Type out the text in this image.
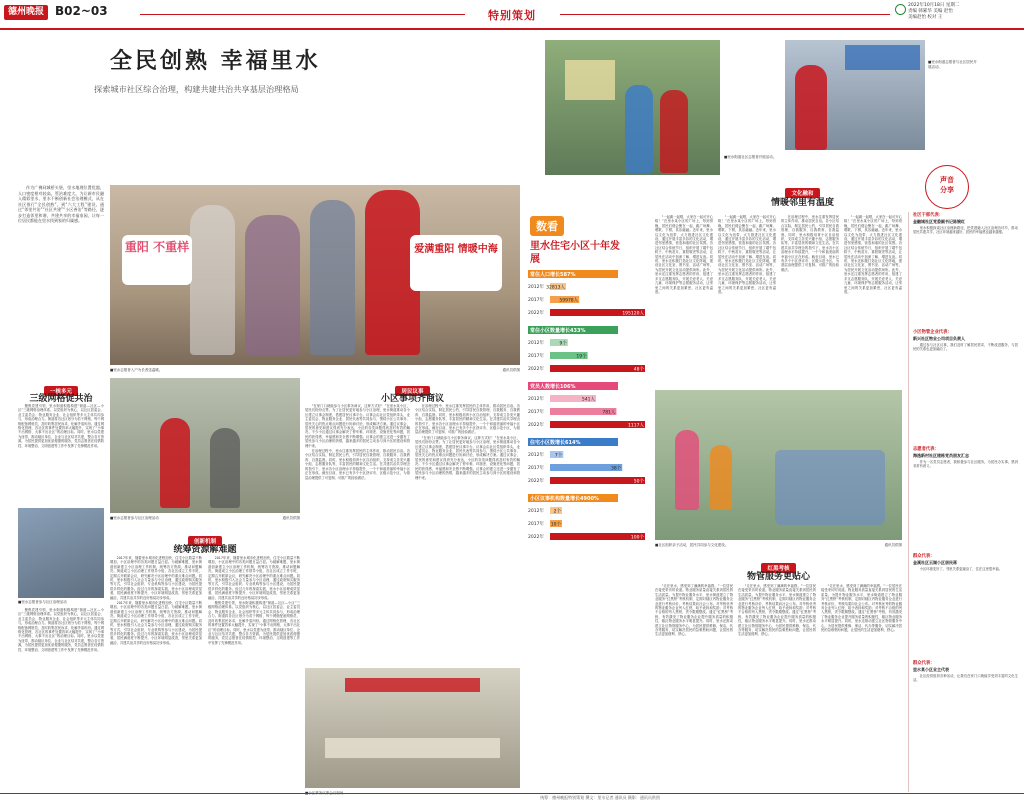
德州晚报 B02~03	特别策划
2022年10月18日 星期二
责编 韩累华 美编 赵怡
美编赵怡 校对 王
全民创熟 幸福里水
探索城市社区综合治理，构建共建共治共享基层治理格局
重阳 不重样	爱满重阳 情暖中海
■里水志愿者入户为长者送温暖。	通讯员供图

作为广佛同城桥头堡，里水地理位置优越，人口密度相对较高，管治难度大。为让新市民融入精彩里水，里水不断创新社会治理模式，从在社区推行“全民创熟”，到“六大工程”建设，通过“邻里共治”“社区共建”“小区善治”等路径，逐步打造邻里和谐、共建共享的幸福家园，让每一位居民都能在里水找到家的归属感。

一核多元
三级网格促共治

聚焦党建引领，里水街道积极构建“街道—社区—小区”三级网格治理体系。以党组织为核心，以社区居委会、业主委员会、物业服务企业、社会组织等多元主体共同参与，形成治理合力。街道将各社区划分为若干网格，每个网格配备网格员，及时收集居民诉求，化解矛盾纠纷。通过网格化管理，各社区的事件处置效率大幅提升，实现了“小事不出网格、大事不出社区”的治理目标。同时，里水以党建为纽带，推动辖区单位、企业与社区结对共建，整合各方资源，为居民提供更加优质便捷的服务，党员志愿者在疫情防控、环境整治、文明创建等工作中发挥了先锋模范作用。

■里水志愿者参与社区治理活动

聚焦党建引领，里水街道积极构建“街道—社区—小区”三级网格治理体系。以党组织为核心，以社区居委会、业主委员会、物业服务企业、社会组织等多元主体共同参与，形成治理合力。街道将各社区划分为若干网格，每个网格配备网格员，及时收集居民诉求，化解矛盾纠纷。通过网格化管理，各社区的事件处置效率大幅提升，实现了“小事不出网格、大事不出社区”的治理目标。同时，里水以党建为纽带，推动辖区单位、企业与社区结对共建，整合各方资源，为居民提供更加优质便捷的服务，党员志愿者在疫情防控、环境整治、文明创建等工作中发挥了先锋模范作用。

■里水志愿者参与社区治理活动	通讯员供图
创新机制
统筹资源解难题

2017年来，随着里水城市化进程加快，住宅小区数量不断增加，小区治理中的各类问题日益凸显。为破解难题，里水街道创新建立小区治理工作机制，统筹各方资源，推动问题解决。街道成立小区治理工作领导小组，各社区成立工作专班，定期召开联席会议，研究解决小区治理中的重点难点问题。同时，里水积极引入社会力量参与小区治理，通过政府购买服务等方式，引导社会组织、专业机构等参与小区建设，为居民提供多样化的服务。经过几年的探索实践，里水小区治理成效显著，居民满意度不断提升，小区环境明显改善，邻里关系更加融洽，共建共治共享的良好格局初步形成。

2017年来，随着里水城市化进程加快，住宅小区数量不断增加，小区治理中的各类问题日益凸显。为破解难题，里水街道创新建立小区治理工作机制，统筹各方资源，推动问题解决。街道成立小区治理工作领导小组，各社区成立工作专班，定期召开联席会议，研究解决小区治理中的重点难点问题。同时，里水积极引入社会力量参与小区治理，通过政府购买服务等方式，引导社会组织、专业机构等参与小区建设，为居民提供多样化的服务。经过几年的探索实践，里水小区治理成效显著，居民满意度不断提升，小区环境明显改善，邻里关系更加融洽，共建共治共享的良好格局初步形成。

2017年来，随着里水城市化进程加快，住宅小区数量不断增加，小区治理中的各类问题日益凸显。为破解难题，里水街道创新建立小区治理工作机制，统筹各方资源，推动问题解决。街道成立小区治理工作领导小组，各社区成立工作专班，定期召开联席会议，研究解决小区治理中的重点难点问题。同时，里水积极引入社会力量参与小区治理，通过政府购买服务等方式，引导社会组织、专业机构等参与小区建设，为居民提供多样化的服务。经过几年的探索实践，里水小区治理成效显著，居民满意度不断提升，小区环境明显改善，邻里关系更加融洽，共建共治共享的良好格局初步形成。

聚焦党建引领，里水街道积极构建“街道—社区—小区”三级网格治理体系。以党组织为核心，以社区居委会、业主委员会、物业服务企业、社会组织等多元主体共同参与，形成治理合力。街道将各社区划分为若干网格，每个网格配备网格员，及时收集居民诉求，化解矛盾纠纷。通过网格化管理，各社区的事件处置效率大幅提升，实现了“小事不出网格、大事不出社区”的治理目标。同时，里水以党建为纽带，推动辖区单位、企业与社区结对共建，整合各方资源，为居民提供更加优质便捷的服务，党员志愿者在疫情防控、环境整治、文明创建等工作中发挥了先锋模范作用。

居民议事
小区事项齐商议

“在家门口就能参与小区事务商议，这种方式好！”在里水某小区，居民们纷纷点赞。为了让居民更好地参与小区治理，里水街道推动各小区建立议事会制度，搭建居民议事平台。议事会由社区党组织牵头，业主委员会、物业服务企业、居民代表等共同参与，围绕小区公共事务、居民关心的热点难点问题进行协商讨论，形成解决方案。通过议事会，居民的意见和建议得到充分表达，小区的各类问题得到及时有效的解决。不少小区通过议事会解决了停车难、环境差、设施老化等问题，居民的获得感、幸福感和安全感不断增强。议事会的建立还进一步激发了居民参与小区治理的热情，越来越多的居民主动参与到小区的建设和管理中来。

在治理过程中，里水注重发挥居民的主体作用，推动居民自治。各小区结合实际，制定居民公约，引导居民自我管理、自我服务、自我教育、自我监督。同时，里水积极培育小区自治组织，支持成立各类兴趣小组、志愿服务队等，丰富居民的精神文化生活。在共建共治共享理念的指引下，里水各小区治理水平持续提升，一个个和谐美丽的幸福小区正在形成。截至目前，里水已有多个小区获评市、区级示范小区，为基层治理提供了可复制、可推广的经验做法。

在治理过程中，里水注重发挥居民的主体作用，推动居民自治。各小区结合实际，制定居民公约，引导居民自我管理、自我服务、自我教育、自我监督。同时，里水积极培育小区自治组织，支持成立各类兴趣小组、志愿服务队等，丰富居民的精神文化生活。在共建共治共享理念的指引下，里水各小区治理水平持续提升，一个个和谐美丽的幸福小区正在形成。截至目前，里水已有多个小区获评市、区级示范小区，为基层治理提供了可复制、可推广的经验做法。

“在家门口就能参与小区事务商议，这种方式好！”在里水某小区，居民们纷纷点赞。为了让居民更好地参与小区治理，里水街道推动各小区建立议事会制度，搭建居民议事平台。议事会由社区党组织牵头，业主委员会、物业服务企业、居民代表等共同参与，围绕小区公共事务、居民关心的热点难点问题进行协商讨论，形成解决方案。通过议事会，居民的意见和建议得到充分表达，小区的各类问题得到及时有效的解决。不少小区通过议事会解决了停车难、环境差、设施老化等问题，居民的获得感、幸福感和安全感不断增强。议事会的建立还进一步激发了居民参与小区治理的热情，越来越多的居民主动参与到小区的建设和管理中来。

■里水街道社区志愿者开展活动。
■里水街道志愿者与社区居民开展活动。
声音
分享
数看
里水住宅小区十年发展
常住人口增长587%
2012年 32813人
2017年	59978人
2022年	195120人
常住小区数量增长433%
2012年	9个
2017年	19个
2022年	48个
党员人数增长106%
2012年	541人
2017年	781人
2022年	1117人
住宅小区数增长614%
2012年 7个
2017年	38个
2022年	50个
小区议事机构数量增长4900%
2012年 2个
2017年 10个
2022年	100个
文化融和
情暖邻里有温度

“一起跳一起唱，大家在一起可开心啦！”在里水某小区的广场上，每到傍晚，居民们便会聚在一起，跳广场舞、唱歌、下棋，其乐融融。近年来，里水以文化为纽带，大力推进社区文化建设，通过开展丰富多彩的文化活动，增进邻里感情，营造和谐的社区氛围。各社区结合传统节日，组织开展了端午包粽子、中秋赏月、重阳敬老等活动，让居民在活动中加深了解、增进友谊。同时，里水还积极打造社区文化阵地，建设社区文化室、图书室、活动广场等，为居民开展文化活动提供场所。此外，里水还注重发挥志愿者的作用，组建了多支志愿服务队，开展关爱老人、关爱儿童、环境保护等志愿服务活动，让邻里之间的关系更加紧密，社区更有温度。

“一起跳一起唱，大家在一起可开心啦！”在里水某小区的广场上，每到傍晚，居民们便会聚在一起，跳广场舞、唱歌、下棋，其乐融融。近年来，里水以文化为纽带，大力推进社区文化建设，通过开展丰富多彩的文化活动，增进邻里感情，营造和谐的社区氛围。各社区结合传统节日，组织开展了端午包粽子、中秋赏月、重阳敬老等活动，让居民在活动中加深了解、增进友谊。同时，里水还积极打造社区文化阵地，建设社区文化室、图书室、活动广场等，为居民开展文化活动提供场所。此外，里水还注重发挥志愿者的作用，组建了多支志愿服务队，开展关爱老人、关爱儿童、环境保护等志愿服务活动，让邻里之间的关系更加紧密，社区更有温度。

在治理过程中，里水注重发挥居民的主体作用，推动居民自治。各小区结合实际，制定居民公约，引导居民自我管理、自我服务、自我教育、自我监督。同时，里水积极培育小区自治组织，支持成立各类兴趣小组、志愿服务队等，丰富居民的精神文化生活。在共建共治共享理念的指引下，里水各小区治理水平持续提升，一个个和谐美丽的幸福小区正在形成。截至目前，里水已有多个小区获评市、区级示范小区，为基层治理提供了可复制、可推广的经验做法。

“一起跳一起唱，大家在一起可开心啦！”在里水某小区的广场上，每到傍晚，居民们便会聚在一起，跳广场舞、唱歌、下棋，其乐融融。近年来，里水以文化为纽带，大力推进社区文化建设，通过开展丰富多彩的文化活动，增进邻里感情，营造和谐的社区氛围。各社区结合传统节日，组织开展了端午包粽子、中秋赏月、重阳敬老等活动，让居民在活动中加深了解、增进友谊。同时，里水还积极打造社区文化阵地，建设社区文化室、图书室、活动广场等，为居民开展文化活动提供场所。此外，里水还注重发挥志愿者的作用，组建了多支志愿服务队，开展关爱老人、关爱儿童、环境保护等志愿服务活动，让邻里之间的关系更加紧密，社区更有温度。

■社区组织亲子活动，居民共同参与文化建设。	通讯员供图
红黑考核
物管服务更贴心

“走在里水，感受到了满满的幸福感。”一位居民在接受采访时说道。物业服务质量直接关系到居民的生活质量。为提升物业服务水平，里水街道建立了物业服务“红黑榜”考核机制，定期对辖区内物业服务企业进行考核评价，考核结果向社会公布。对考核优秀的物业服务企业列入红榜，给予表扬和奖励；对考核不合格的列入黑榜，责令限期整改。通过“红黑榜”考核，有效激发了物业服务企业提升服务质量的积极性，辖区物业服务水平明显提升。同时，里水还推动建立社区物管服务中心，为居民提供维修、保洁、代办等服务，切实解决居民的急难愁盼问题，让居民的生活更加便利、舒心。

“走在里水，感受到了满满的幸福感。”一位居民在接受采访时说道。物业服务质量直接关系到居民的生活质量。为提升物业服务水平，里水街道建立了物业服务“红黑榜”考核机制，定期对辖区内物业服务企业进行考核评价，考核结果向社会公布。对考核优秀的物业服务企业列入红榜，给予表扬和奖励；对考核不合格的列入黑榜，责令限期整改。通过“红黑榜”考核，有效激发了物业服务企业提升服务质量的积极性，辖区物业服务水平明显提升。同时，里水还推动建立社区物管服务中心，为居民提供维修、保洁、代办等服务，切实解决居民的急难愁盼问题，让居民的生活更加便利、舒心。

“走在里水，感受到了满满的幸福感。”一位居民在接受采访时说道。物业服务质量直接关系到居民的生活质量。为提升物业服务水平，里水街道建立了物业服务“红黑榜”考核机制，定期对辖区内物业服务企业进行考核评价，考核结果向社会公布。对考核优秀的物业服务企业列入红榜，给予表扬和奖励；对考核不合格的列入黑榜，责令限期整改。通过“红黑榜”考核，有效激发了物业服务企业提升服务质量的积极性，辖区物业服务水平明显提升。同时，里水还推动建立社区物管服务中心，为居民提供维修、保洁、代办等服务，切实解决居民的急难愁盼问题，让居民的生活更加便利、舒心。

社区干部代表：
金融城社区党委副书记陈婉红
里水积极探索社区治理新路径，把党建融入社区治理各环节，推动居民共建共享，社区环境越来越好，居民的幸福感也越来越强。
小区物管企业代表：
新兴社区物业公司项目负责人
通过参与社区议事，我们及时了解居民需求，不断改进服务，与居民的关系也更加融洽了。
志愿者代表：
海逸新村社区楼栋党员朋友汇志
作为一名党员志愿者，我积极参与社区服务，为居民办实事，感到非常有意义。
群众代表：
金溪社区云湖小区居民蒋
小区环境变好了，邻里关系更融洽了，住在这里很幸福。
群众代表：
里水某小区业主代表
社区经常组织各种活动，让我们在家门口就能享受到丰富的文化生活。
统筹：德州晚报特别策划 撰文：里水记者 通讯员 摄影：通讯员供图
